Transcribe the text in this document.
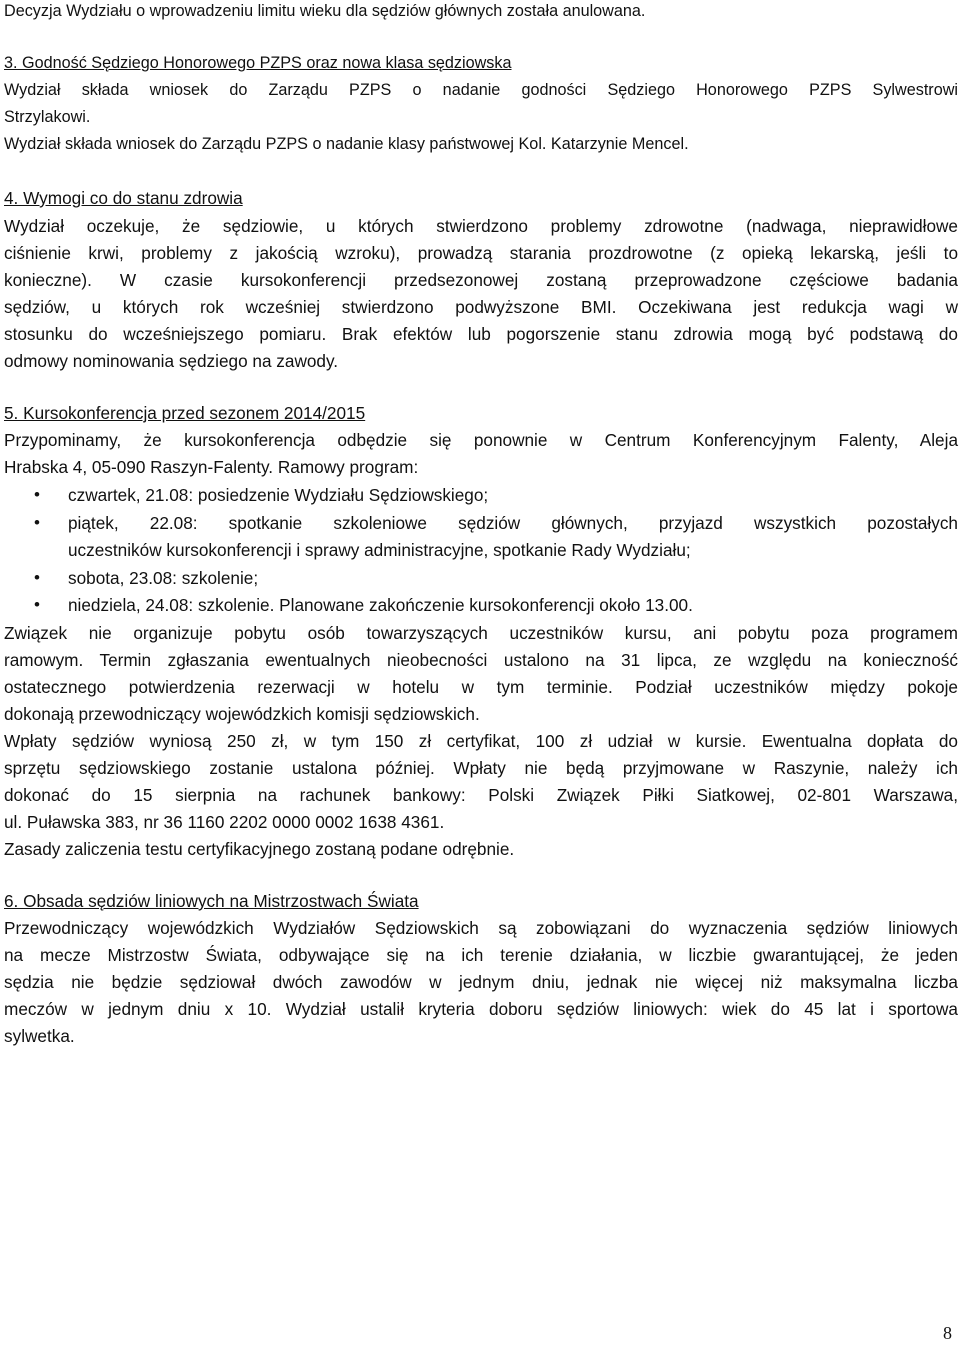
Decyzja Wydziału o wprowadzeniu limitu wieku dla sędziów głównych została anulowana.
3. Godność Sędziego Honorowego PZPS oraz nowa klasa sędziowska
Wydział składa wniosek do Zarządu PZPS o nadanie godności Sędziego Honorowego PZPS Sylwestrowi
Strzylakowi.
Wydział składa wniosek do Zarządu PZPS o nadanie klasy państwowej Kol. Katarzynie Mencel.
4. Wymogi co do stanu zdrowia
Wydział oczekuje, że sędziowie, u których stwierdzono problemy zdrowotne (nadwaga, nieprawidłowe
ciśnienie krwi, problemy z jakością wzroku), prowadzą starania prozdrowotne (z opieką lekarską, jeśli to
konieczne). W czasie kursokonferencji przedsezonowej zostaną przeprowadzone częściowe badania
sędziów, u których rok wcześniej stwierdzono podwyższone BMI. Oczekiwana jest redukcja wagi w
stosunku do wcześniejszego pomiaru. Brak efektów lub pogorszenie stanu zdrowia mogą być podstawą do
odmowy nominowania sędziego na zawody.
5. Kursokonferencja przed sezonem 2014/2015
Przypominamy, że kursokonferencja odbędzie się ponownie w Centrum Konferencyjnym Falenty, Aleja
Hrabska 4, 05-090 Raszyn-Falenty. Ramowy program:
•	czwartek, 21.08: posiedzenie Wydziału Sędziowskiego;
•	piątek, 22.08: spotkanie szkoleniowe sędziów głównych, przyjazd wszystkich pozostałych
uczestników kursokonferencji i sprawy administracyjne, spotkanie Rady Wydziału;
•	sobota, 23.08: szkolenie;
•	niedziela, 24.08: szkolenie. Planowane zakończenie kursokonferencji około 13.00.
Związek nie organizuje pobytu osób towarzyszących uczestników kursu, ani pobytu poza programem
ramowym. Termin zgłaszania ewentualnych nieobecności ustalono na 31 lipca, ze względu na konieczność
ostatecznego potwierdzenia rezerwacji w hotelu w tym terminie. Podział uczestników między pokoje
dokonają przewodniczący wojewódzkich komisji sędziowskich.
Wpłaty sędziów wyniosą 250 zł, w tym 150 zł certyfikat, 100 zł udział w kursie. Ewentualna dopłata do
sprzętu sędziowskiego zostanie ustalona później. Wpłaty nie będą przyjmowane w Raszynie, należy ich
dokonać do 15 sierpnia na rachunek bankowy: Polski Związek Piłki Siatkowej, 02-801 Warszawa,
ul. Puławska 383, nr 36 1160 2202 0000 0002 1638 4361.
Zasady zaliczenia testu certyfikacyjnego zostaną podane odrębnie.
6. Obsada sędziów liniowych na Mistrzostwach Świata
Przewodniczący wojewódzkich Wydziałów Sędziowskich są zobowiązani do wyznaczenia sędziów liniowych
na mecze Mistrzostw Świata, odbywające się na ich terenie działania, w liczbie gwarantującej, że jeden
sędzia nie będzie sędziował dwóch zawodów w jednym dniu, jednak nie więcej niż maksymalna liczba
meczów w jednym dniu x 10. Wydział ustalił kryteria doboru sędziów liniowych: wiek do 45 lat i sportowa
sylwetka.
8
